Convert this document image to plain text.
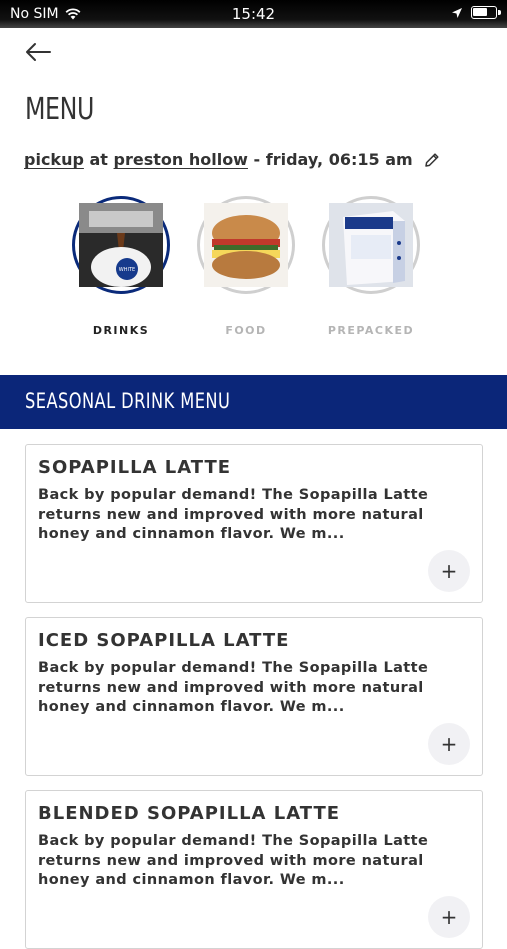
No SIM	15:42
MENU
pickup
at
preston hollow
- friday, 06:15 am
WHITE
DRINKS	FOOD	PREPACKED
SEASONAL DRINK MENU
SOPAPILLA LATTE
Back by popular demand! The Sopapilla Latte returns new and improved with more natural honey and cinnamon flavor. We m...
+
ICED SOPAPILLA LATTE
Back by popular demand! The Sopapilla Latte returns new and improved with more natural honey and cinnamon flavor. We m...
+
BLENDED SOPAPILLA LATTE
Back by popular demand! The Sopapilla Latte returns new and improved with more natural honey and cinnamon flavor. We m...
+
